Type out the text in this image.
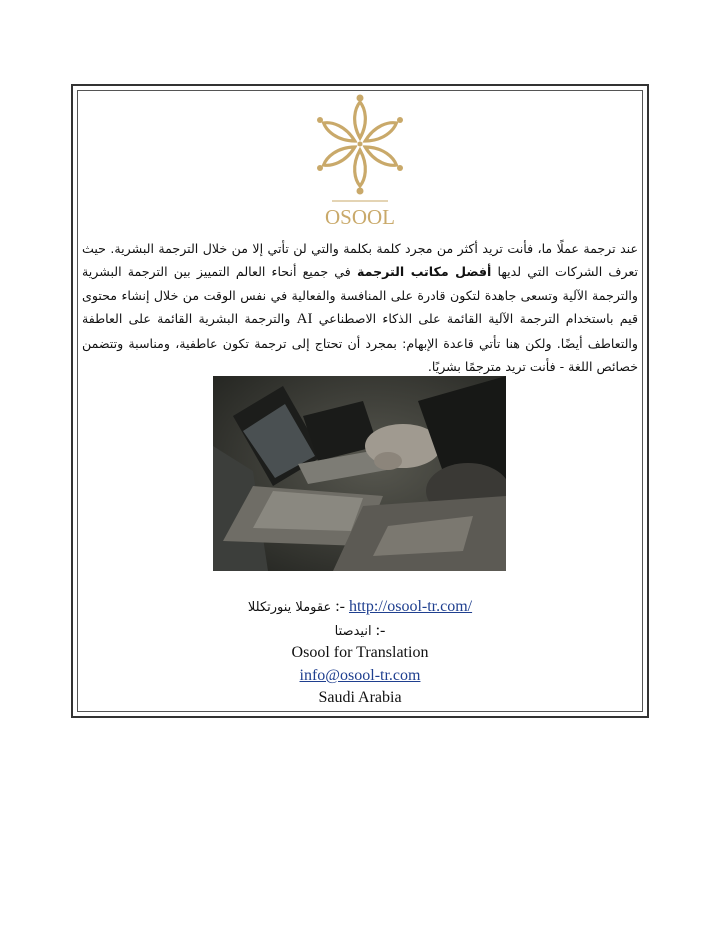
OSOOL
عند ترجمة عملًا ما، فأنت تريد أكثر من مجرد كلمة بكلمة والتي لن تأتي إلا من خلال الترجمة البشرية. حيث تعرف الشركات التي لديها أفضل مكاتب الترجمة في جميع أنحاء العالم التمييز بين الترجمة البشرية والترجمة الآلية وتسعى جاهدة لتكون قادرة على المنافسة والفعالية في نفس الوقت من خلال إنشاء محتوى قيم باستخدام الترجمة الآلية القائمة على الذكاء الاصطناعي AI والترجمة البشرية القائمة على العاطفة والتعاطف أيضًا. ولكن هنا تأتي قاعدة الإبهام: بمجرد أن تحتاج إلى ترجمة تكون عاطفية، ومناسبة وتتضمن خصائص اللغة - فأنت تريد مترجمًا بشريًا.
عقوملا ينورتكللا :- http://osool-tr.com/
انيدصتا :-
Osool for Translation
info@osool-tr.com
Saudi Arabia
